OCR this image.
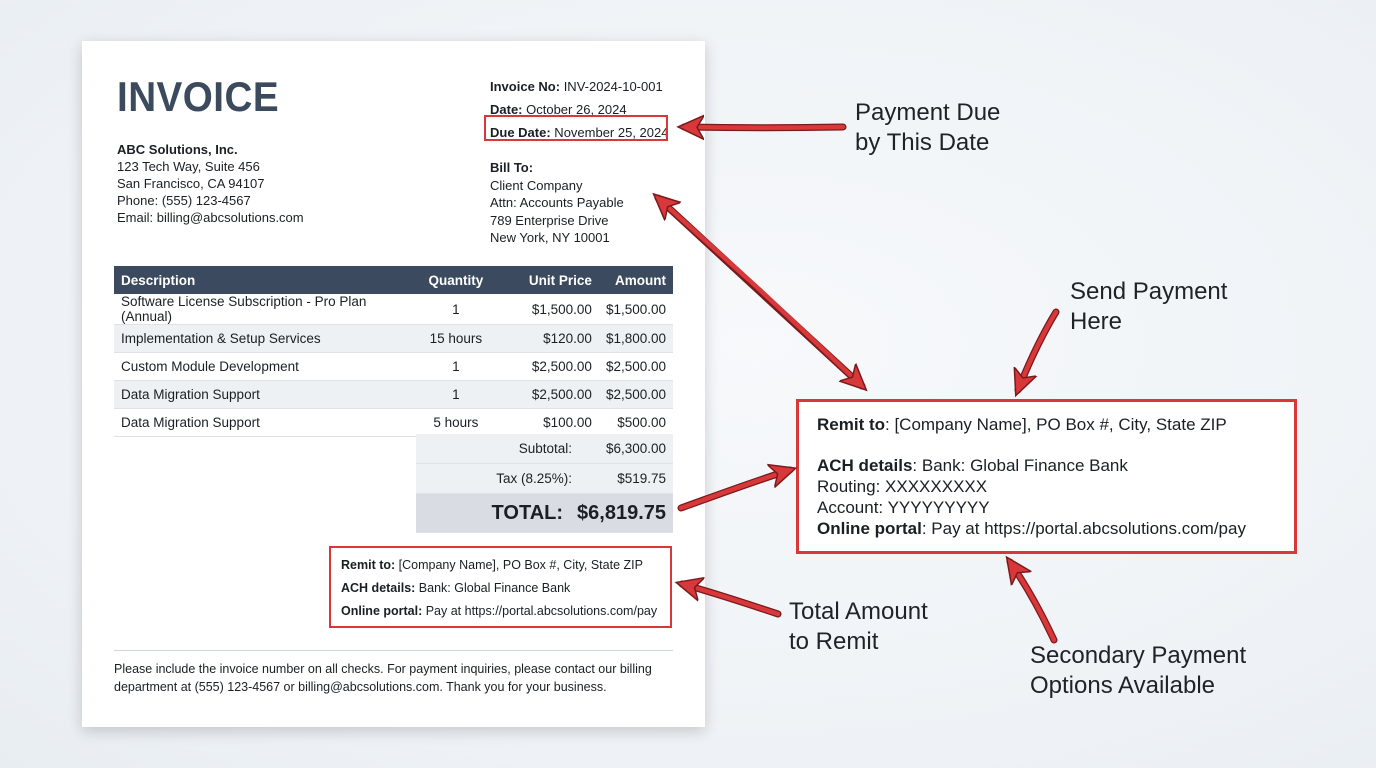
INVOICE
ABC Solutions, Inc.
123 Tech Way, Suite 456
San Francisco, CA 94107
Phone: (555) 123-4567
Email: billing@abcsolutions.com
Invoice No: INV-2024-10-001
Date: October 26, 2024
Due Date: November 25, 2024
Bill To:
Client Company
Attn: Accounts Payable
789 Enterprise Drive
New York, NY 10001
Description	Quantity	Unit Price	Amount
Software License Subscription - Pro Plan (Annual)	1	$1,500.00	$1,500.00
Implementation & Setup Services	15 hours	$120.00	$1,800.00
Custom Module Development	1	$2,500.00	$2,500.00
Data Migration Support	1	$2,500.00	$2,500.00
Data Migration Support	5 hours	$100.00	$500.00
Subtotal:	$6,300.00
Tax (8.25%):	$519.75
TOTAL: $6,819.75
Remit to: [Company Name], PO Box #, City, State ZIP
ACH details: Bank: Global Finance Bank
Online portal: Pay at https://portal.abcsolutions.com/pay
Please include the invoice number on all checks. For payment inquiries, please contact our billing department at (555) 123-4567 or billing@abcsolutions.com. Thank you for your business.
Remit to: [Company Name], PO Box #, City, State ZIP
ACH details: Bank: Global Finance Bank
Routing: XXXXXXXXX
Account: YYYYYYYYY
Online portal: Pay at https://portal.abcsolutions.com/pay
Payment Due
by This Date
Send Payment
Here
Total Amount
to Remit
Secondary Payment
Options Available
